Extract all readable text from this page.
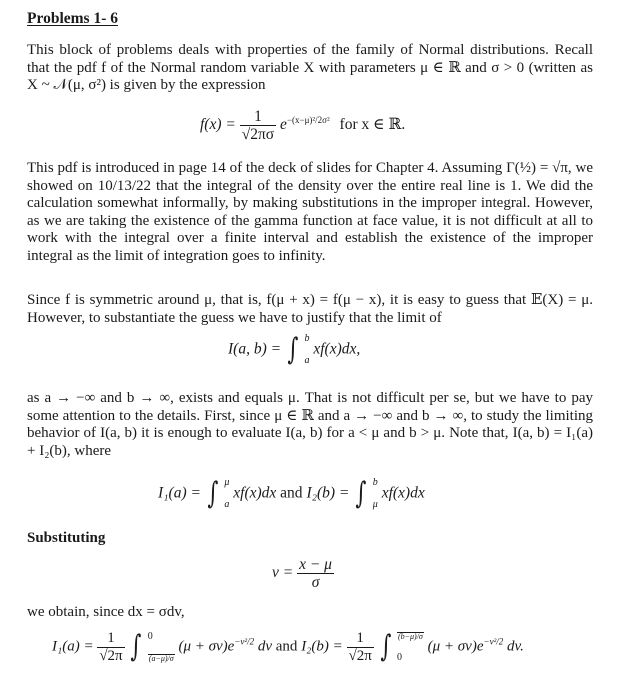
Problems 1- 6
This block of problems deals with properties of the family of Normal distributions. Recall that the pdf f of the Normal random variable X with parameters μ ∈ ℝ and σ > 0 (written as X ~ 𝒩(μ, σ²) is given by the expression
$f(x) = \frac{1}{√2\pi\sigma} e^{-(x-\mu)^2/2\sigma^2}$ for x ∈ ℝ.
This pdf is introduced in page 14 of the deck of slides for Chapter 4. Assuming Γ(½) = √π, we showed on 10/13/22 that the integral of the density over the entire real line is 1. We did the calculation somewhat informally, by making substitutions in the improper integral. However, as we are taking the existence of the gamma function at face value, it is not difficult at all to work with the integral over a finite interval and establish the existence of the improper integral as the limit of integration goes to infinity.
Since f is symmetric around μ, that is, f(μ + x) = f(μ − x), it is easy to guess that 𝔼(X) = μ. However, to substantiate the guess we have to justify that the limit of
I(a, b) = ∫ b
a
xf(x)dx,
as a → −∞ and b → ∞, exists and equals μ. That is not difficult per se, but we have to pay some attention to the details. First, since μ ∈ ℝ and a → −∞ and b → ∞, to study the limiting behavior of I(a, b) it is enough to evaluate I(a, b) for a < μ and b > μ. Note that, I(a, b) = I₁(a) + I₂(b), where
I₁(a) = ∫ μ
a
xf(x)dx and I₂(b) = ∫ b
μ
xf(x)dx
Substituting
$v = \frac{x - \mu}{\sigma}$
we obtain, since dx = σdv,
$I_1(a) = \frac{1}{√2\pi}$ ∫ 0
(a−μ)/σ
$(\mu + \sigma v)e^{-v^2/2}$ dv and $I_2(b) = \frac{1}{√2\pi}$ ∫ (b−μ)/σ
0
$(\mu + \sigma v)e^{-v^2/2}$ dv.
